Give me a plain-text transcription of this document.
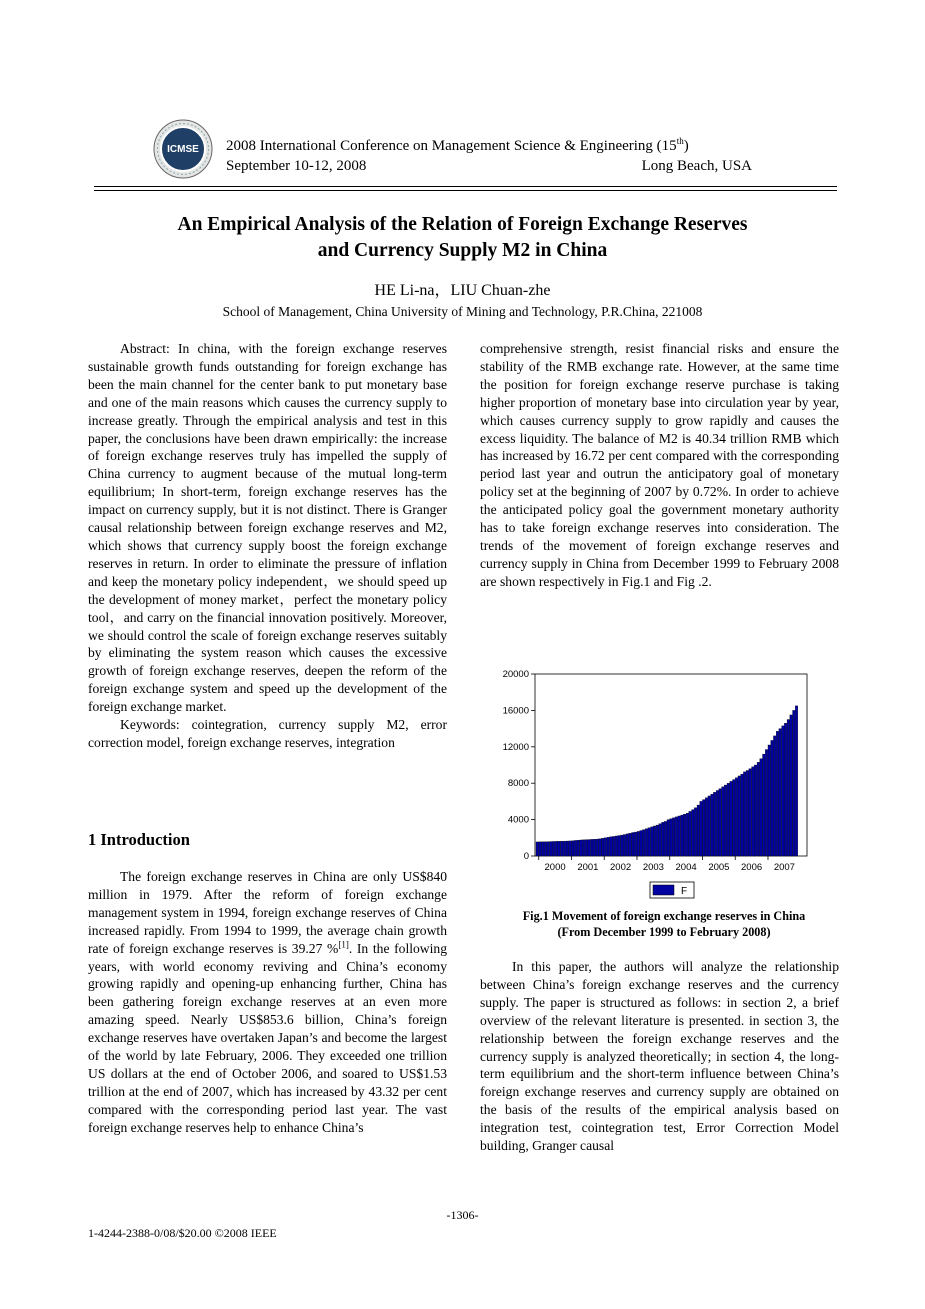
ICMSE 2008 International Conference on Management Science & Engineering (15th)
September 10-12, 2008	Long Beach, USA
An Empirical Analysis of the Relation of Foreign Exchange Reserves
and Currency Supply M2 in China
HE Li-na，LIU Chuan-zhe
School of Management, China University of Mining and Technology, P.R.China, 221008

Abstract: In china, with the foreign exchange reserves sustainable growth funds outstanding for foreign exchange has been the main channel for the center bank to put monetary base and one of the main reasons which causes the currency supply to increase greatly. Through the empirical analysis and test in this paper, the conclusions have been drawn empirically: the increase of foreign exchange reserves truly has impelled the supply of China currency to augment because of the mutual long-term equilibrium; In short-term, foreign exchange reserves has the impact on currency supply, but it is not distinct. There is Granger causal relationship between foreign exchange reserves and M2, which shows that currency supply boost the foreign exchange reserves in return. In order to eliminate the pressure of inflation and keep the monetary policy independent，we should speed up the development of money market，perfect the monetary policy tool，and carry on the financial innovation positively. Moreover, we should control the scale of foreign exchange reserves suitably by eliminating the system reason which causes the excessive growth of foreign exchange reserves, deepen the reform of the foreign exchange system and speed up the development of the foreign exchange market.

Keywords: cointegration, currency supply M2, error correction model, foreign exchange reserves, integration

1 Introduction

The foreign exchange reserves in China are only US$840 million in 1979. After the reform of foreign exchange management system in 1994, foreign exchange reserves of China increased rapidly. From 1994 to 1999, the average chain growth rate of foreign exchange reserves is 39.27 %[1]. In the following years, with world economy reviving and China’s economy growing rapidly and opening-up enhancing further, China has been gathering foreign exchange reserves at an even more amazing speed. Nearly US$853.6 billion, China’s foreign exchange reserves have overtaken Japan’s and become the largest of the world by late February, 2006. They exceeded one trillion US dollars at the end of October 2006, and soared to US$1.53 trillion at the end of 2007, which has increased by 43.32 per cent compared with the corresponding period last year. The vast foreign exchange reserves help to enhance China’s

comprehensive strength, resist financial risks and ensure the stability of the RMB exchange rate. However, at the same time the position for foreign exchange reserve purchase is taking higher proportion of monetary base into circulation year by year, which causes currency supply to grow rapidly and causes the excess liquidity. The balance of M2 is 40.34 trillion RMB which has increased by 16.72 per cent compared with the corresponding period last year and outrun the anticipatory goal of monetary policy set at the beginning of 2007 by 0.72%. In order to achieve the anticipated policy goal the government monetary authority has to take foreign exchange reserves into consideration. The trends of the movement of foreign exchange reserves and currency supply in China from December 1999 to February 2008 are shown respectively in Fig.1 and Fig .2.

0
4000
8000
12000
16000
20000
2000 2001 2002 2003 2004 2005 2006 2007
F
Fig.1 Movement of foreign exchange reserves in China
(From December 1999 to February 2008)

In this paper, the authors will analyze the relationship between China’s foreign exchange reserves and the currency supply. The paper is structured as follows: in section 2, a brief overview of the relevant literature is presented. in section 3, the relationship between the foreign exchange reserves and the currency supply is analyzed theoretically; in section 4, the long-term equilibrium and the short-term influence between China’s foreign exchange reserves and currency supply are obtained on the basis of the results of the empirical analysis based on integration test, cointegration test, Error Correction Model building, Granger causal

-1306-
1-4244-2388-0/08/$20.00 ©2008 IEEE
